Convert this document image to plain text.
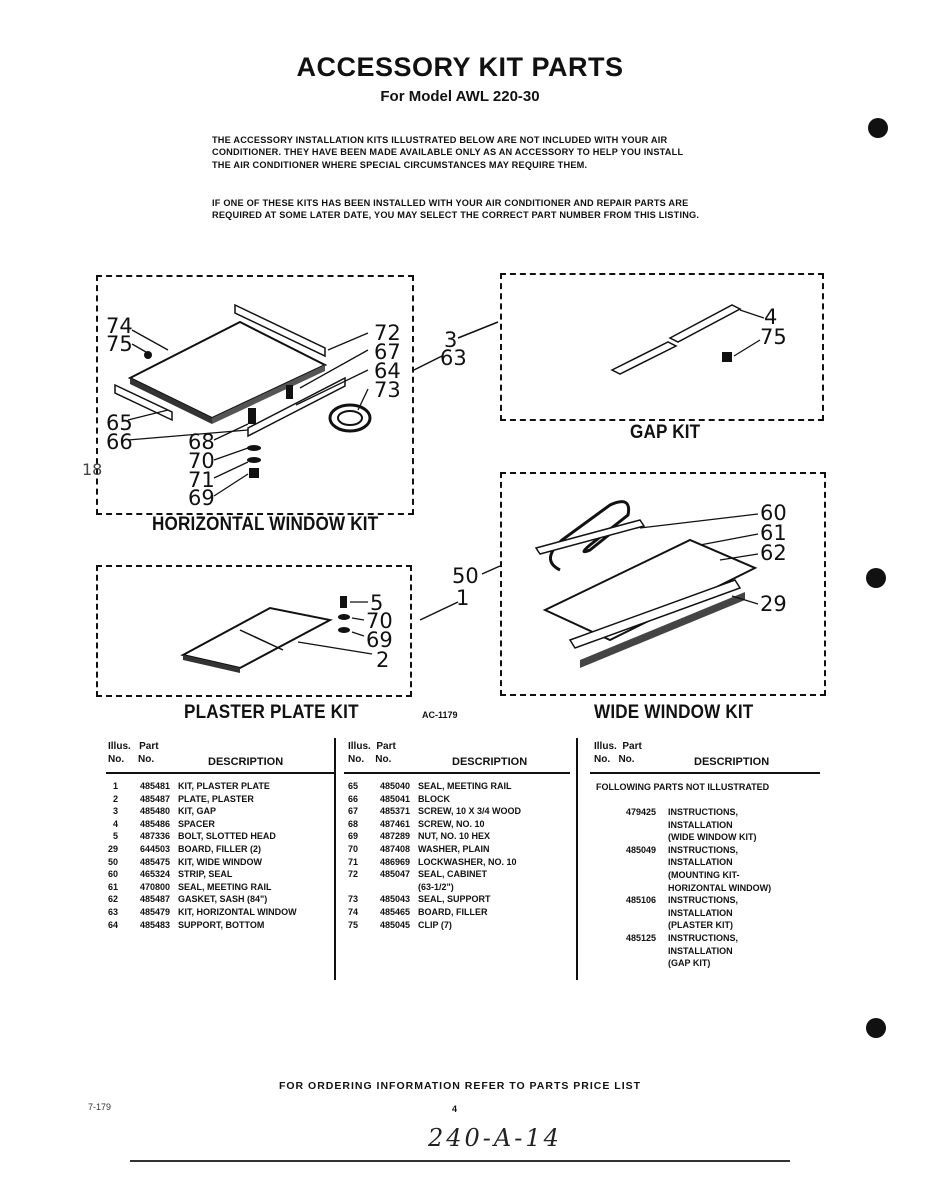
ACCESSORY KIT PARTS
For Model AWL 220-30
THE ACCESSORY INSTALLATION KITS ILLUSTRATED BELOW ARE NOT INCLUDED WITH YOUR AIR CONDITIONER. THEY HAVE BEEN MADE AVAILABLE ONLY AS AN ACCESSORY TO HELP YOU INSTALL THE AIR CONDITIONER WHERE SPECIAL CIRCUMSTANCES MAY REQUIRE THEM.
IF ONE OF THESE KITS HAS BEEN INSTALLED WITH YOUR AIR CONDITIONER AND REPAIR PARTS ARE REQUIRED AT SOME LATER DATE, YOU MAY SELECT THE CORRECT PART NUMBER FROM THIS LISTING.
74
75	72
67
64
73
65
66	68
70
71
69
18
HORIZONTAL WINDOW KIT
3
63
4
75
GAP KIT
5
70
69
2
PLASTER PLATE KIT	AC-1179
50
1
60
61
62
29
WIDE WINDOW KIT
Illus. Part
No. No.	DESCRIPTION
Illus. Part
No. No.	DESCRIPTION
Illus. Part
No. No.	DESCRIPTION
1	485481 KIT, PLASTER PLATE
2	485487 PLATE, PLASTER
3	485480 KIT, GAP
4	485486 SPACER
5	487336 BOLT, SLOTTED HEAD
29	644503 BOARD, FILLER (2)
50	485475 KIT, WIDE WINDOW
60	465324 STRIP, SEAL
61	470800 SEAL, MEETING RAIL
62	485487 GASKET, SASH (84")
63	485479 KIT, HORIZONTAL WINDOW
64	485483 SUPPORT, BOTTOM
65	485040 SEAL, MEETING RAIL
66	485041 BLOCK
67	485371 SCREW, 10 X 3/4 WOOD
68	487461 SCREW, NO. 10
69	487289 NUT, NO. 10 HEX
70	487408 WASHER, PLAIN
71	486969 LOCKWASHER, NO. 10
72	485047 SEAL, CABINET
(63-1/2")
73	485043 SEAL, SUPPORT
74	485465 BOARD, FILLER
75	485045 CLIP (7)
FOLLOWING PARTS NOT ILLUSTRATED
479425	INSTRUCTIONS,
INSTALLATION
(WIDE WINDOW KIT)
485049	INSTRUCTIONS,
INSTALLATION
(MOUNTING KIT-
HORIZONTAL WINDOW)
485106	INSTRUCTIONS,
INSTALLATION
(PLASTER KIT)
485125	INSTRUCTIONS,
INSTALLATION
(GAP KIT)
FOR ORDERING INFORMATION REFER TO PARTS PRICE LIST
4
7-179
240-A-14
